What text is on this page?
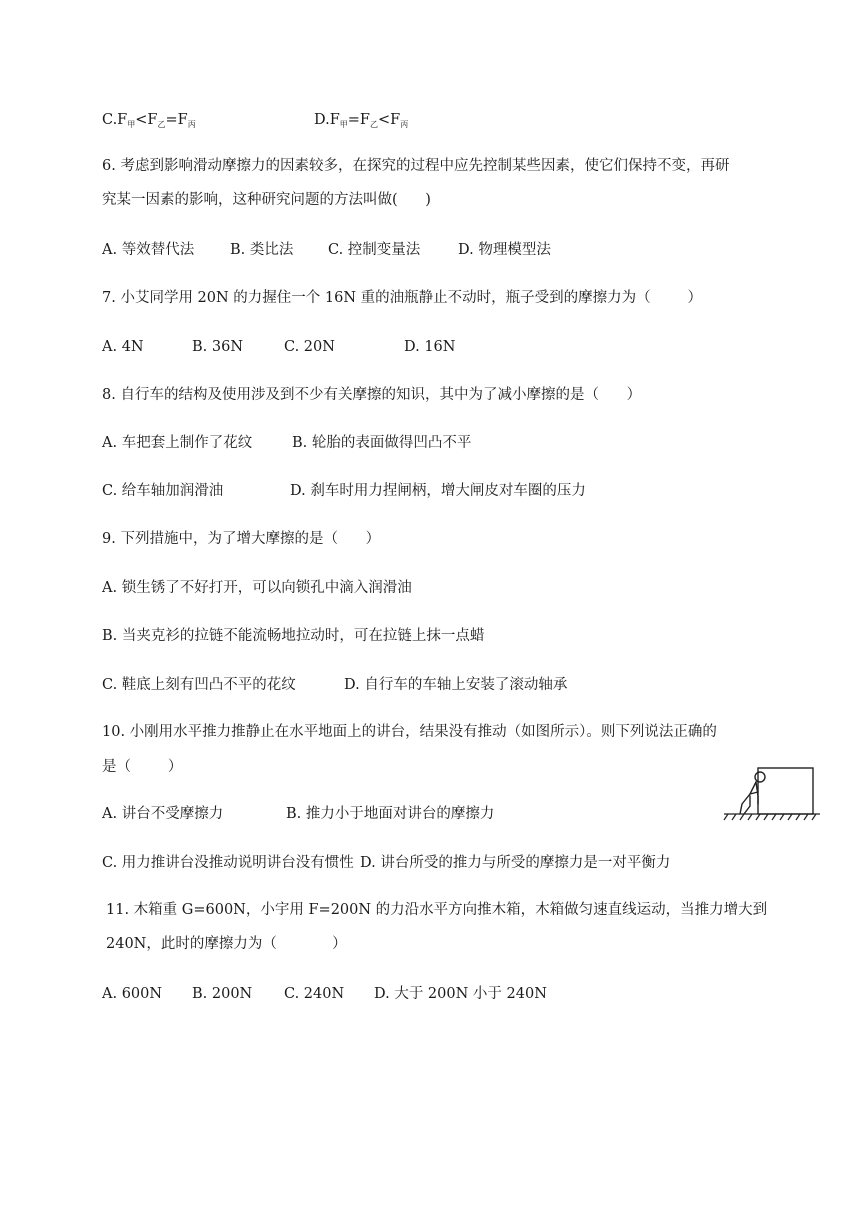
$C.F_甲<F_乙=F_丙$	$D.F_甲=F_乙<F_丙$
6. 考虑到影响滑动摩擦力的因素较多，在探究的过程中应先控制某些因素，使它们保持不变，再研
究某一因素的影响，这种研究问题的方法叫做(      )
A. 等效替代法 B. 类比法 C. 控制变量法	D. 物理模型法
7. 小艾同学用 20N 的力握住一个 16N 重的油瓶静止不动时，瓶子受到的摩擦力为（        ）
A. 4N	B. 36N	C. 20N	D. 16N
8. 自行车的结构及使用涉及到不少有关摩擦的知识，其中为了减小摩擦的是（      ）
A. 车把套上制作了花纹	B. 轮胎的表面做得凹凸不平
C. 给车轴加润滑油	D. 刹车时用力捏闸柄，增大闸皮对车圈的压力
9. 下列措施中，为了增大摩擦的是（      ）
A. 锁生锈了不好打开，可以向锁孔中滴入润滑油
B. 当夹克衫的拉链不能流畅地拉动时，可在拉链上抹一点蜡
C. 鞋底上刻有凹凸不平的花纹	D. 自行车的车轴上安装了滚动轴承
10. 小刚用水平推力推静止在水平地面上的讲台，结果没有推动（如图所示）。则下列说法正确的
是（        ）
A. 讲台不受摩擦力	B. 推力小于地面对讲台的摩擦力
C. 用力推讲台没推动说明讲台没有惯性 D. 讲台所受的推力与所受的摩擦力是一对平衡力
11. 木箱重 G=600N，小宇用 F=200N 的力沿水平方向推木箱，木箱做匀速直线运动，当推力增大到
240N，此时的摩擦力为（            ）
A. 600N B. 200N C. 240N D. 大于 200N 小于 240N
